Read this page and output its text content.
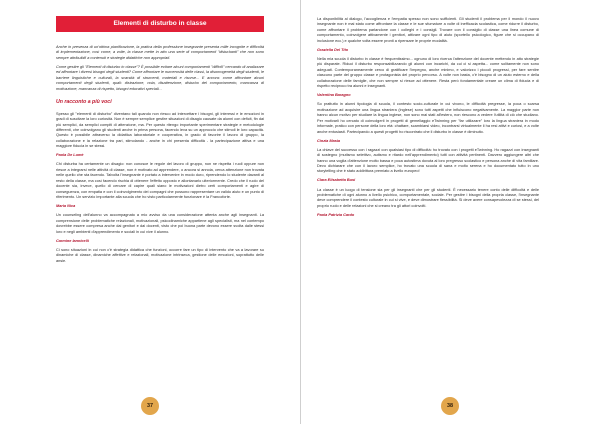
Elementi di disturbo in classe

Anche in presenza di un'ottima pianificazione, la pratica della professione insegnante presenta mille incognite e difficoltà di implementazione, così come, a volte, la classe mette in atto una serie di comportamenti "disturbanti" che non sono sempre attribuibili a contenuti e strategie didattiche non appropriati.

Come gestire gli "Elementi di disturbo in classe"? È possibile evitare alcuni comportamenti "difficili" cercando di analizzare ed affrontare i diversi bisogni degli studenti? Come affrontare le numerosità delle classi, la disomogeneità degli studenti, le barriere linguistiche e culturali, la scarsità di strumenti, materiali e risorse... E ancora: come affrontare alcuni comportamenti degli studenti, quali: distrazione, noia, disattenzione, disturbo del comportamento, mancanza di motivazione, mancanza di rispetto, bisogni educativi speciali...

Un racconto a più voci

Spesso gli "elementi di disturbo" diventano tali quando non riesco ad intercettare i bisogni, gli interessi e le emozioni in gradi di suscitare la loro curiosità. Non è sempre semplice gestire situazioni di disagio causate da alunni con deficit, fin dai più semplici, da semplici compiti di attenzione, ma. Per questo ritengo importante sperimentare strategie e metodologie differenti, che coinvolgano gli studenti anche in prima persona, facendo leva su un approccio che stimoli le loro capacità. Questo è possibile attraverso la didattica laboratoriale e cooperativa, in grado di favorire il lavoro di gruppo, la collaborazione e la relazione tra pari, stimolando - anche in chi presenta difficoltà - la partecipazione attiva e una maggiore fiducia in se stessi.

Paola De Lumè

Chi disturba ha certamente un disagio: non conosce le regole del lavoro di gruppo, non ne rispetta i ruoli oppure non riesce a integrarsi nelle attività di classe, non è motivato ad apprendere, o ancora si annoia, cerca attenzione non trovata nelle quello che sta facendo. Talvolta l'insegnante è portato a intervenire in modo duro, riprendendo lo studente davanti al resto della classe, ma così facendo rischia di ottenere l'effetto opposto e allontanarlo ulteriormente. Credo che il ruolo del docente sia, invece, quello di cercare di capire quali siano le motivazioni dietro certi comportamenti e agire di conseguenza, con empatia e con il coinvolgimento dei compagni che possono rappresentare un valido aiuto e un punto di riferimento. Un servizio importante alla scuola che ho visto particolarmente funzionare è la Francoforte.

Maria Nica

Un counseling dell'alunno va accompagnato a mio avviso da una considerazione attenta anche agli insegnanti. La comprensione delle problematiche relazionali, motivazionali, psicodinamiche appartiene agli specialisti, ma nel contempo dovrebbe essere compresa anche dai genitori e dai docenti, visto che poi buona parte devono essere svolta dalle stessi loro e negli ambienti d'apprendimento e sociali in cui vive il alunno.

Carmine Iannicelli

Ci sono situazioni in cui non c'è strategia didattica che funzioni, occorre fare un tipo di intervento che va a lavorare su dinamiche di classe, dinamiche affettive e relazionali, motivazione intrinseca, gestione delle emozioni, soprattutto delle ansie.

37

La disponibilità al dialogo, l'accoglienza e l'empatia spesso non sono sufficienti. Gli studenti il problema per il mondo il nuovo insegnante non è mai stato come affrontare la classe e le sue sfumature a volte di inefficacia scolastica, come ridurre il disturbo, come affrontare il problema parlandone con i colleghi e i consigli. Trovare con il consiglio di classe una linea comune di comportamento, coinvolgere attivamente i genitori, attivare ogni tipo di aiuto (sportello psicologico, figure che si occupano di inclusione ecc.) e qualche volta essere pronti a ripensare le proprie modalità.

Graziella Del Tito

Nella mia scuola il disturbo in classe è frequentissimo... ognuno di loro ricerca l'attenzione del docente mettendo in atto strategie più disparate. Riduci il disturbo responsabilizzando gli alunni con incarichi, da cui ci si aspetta... come solitamente non sono adeguati. Contemporaneamente cerco di gratificare l'impegno, anche minimo, e valorizzo i piccoli progressi, per fare sentire ciascuno parte del gruppo classe e protagonista del proprio percorso. A volte non basta, c'è bisogno di un aiuto esterno e della collaborazione delle famiglie, che non sempre si riesce ad ottenere. Resta però fondamentale creare un clima di fiducia e di rispetto reciproco tra alunni e insegnanti.

Valentina Baragno

So prattutto in alunni tipologia di scuola, il contesto socio-culturale in cui vivono, le difficoltà pregresse, la poca o scarsa motivazione ad acquisire una lingua straniera (inglese) sono tutti aspetti che influiscono negativamente. La maggior parte non hanno alcun motivo per studiare la lingua inglese, non sono mai stati all'estero, non riescono a vedere l'utilità di ciò che studiano. Per motivarli ho cercato di coinvolgerli in progetti di gemellaggio eTwinning per "far utilizzare" loro la lingua straniera in modo informale, pratico con persone della loro età: chattare, scambiarsi video, incontrarsi virtualmente li ha resi attivi e curiosi, e a volte anche entusiasti. Partecipando a questi progetti ho riscontrato che il disturbo in classe è diminuito.

Cinzia Masia

La chiave del successo con i ragazzi con qualsiasi tipo di difficoltà: ho trovato con i progetti eTwinning. Ho ragazzi con insegnanti di sostegno (mutismo selettivo, autismo e ritardo nell'apprendimento) tutti con attività pertinenti. Davvero aggiungere altri che hanno una voglia d'attenzione molto bassa e poca autostima dovuta al loro pregresso scolastico e persona anche di vita familiare. Devo dichiarare che con il lavoro semplice, ho trovato una scuola di sana e molto serena e ho documentato tutto in uno storytelling che è stato addirittura premiato a livello europeo!

Clara Elisabetta Busi

La classe è un luogo di tensione sia per gli insegnanti che per gli studenti. È necessario tenere conto delle difficoltà e delle problematiche di ogni alunno a livello psichico, comportamentale, sociale. Per gestire i bisogni della propria classe, l'insegnante deve comprendere il contesto culturale in cui si vive, e deve dimostrare flessibilità. Si deve avere consapevolezza di se stessi, del proprio ruolo e delle relazioni che si creano tra gli attori coinvolti.

Paola Patrizia Cardo
38
